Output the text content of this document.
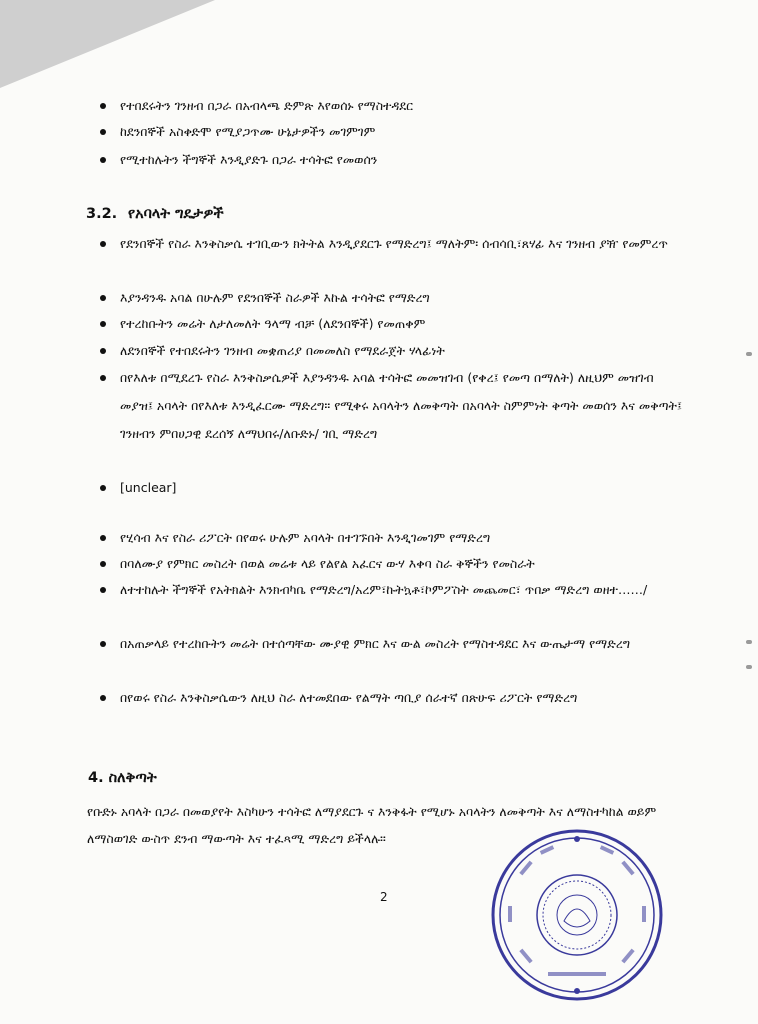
የተበደሩትን ገንዘብ በጋራ በአብላጫ ድምጽ እየወሰኑ የማስተዳደር
ከደንበኞች አስቀድሞ የሚያጋጥሙ ሁኔታዎችን መገምገም
የሚተከሉትን ችግኞች እንዲያድጉ በጋራ ተሳትፎ የመወሰን
3.2. የአባላት ግዴታዎች
የደንበኞች የስራ እንቅስቃሴ ተገቢውን ክትትል እንዲያደርጉ የማድረግ፤ ማለትም፡ ሰብሳቢ፣ጸሃፊ እና ገንዘብ ያዥ የመምረጥ
እያንዳንዱ አባል በሁሉም የደንበኞች ስራዎች እኩል ተሳትፎ የማድረግ
የተረከቡትን መሬት ለታለመለት ዓላማ ብቻ (ለደንበኞች) የመጠቀም
ለደንበኞች የተበደሩትን ገንዘብ መቋጠሪያ በመመለስ የማደራጀት ሃላፊነት
በየእለቱ በሚደረጉ የስራ እንቅስቃሴዎች እያንዳንዱ አባል ተሳትፎ መመዝገብ (የቀረ፤ የመጣ በማለት) ለዚህም መዝገብ መያዝ፤ አባላት በየእለቱ እንዲፈርሙ ማድረግ። የሚቀሩ አባላትን ለመቅጣት በአባላት ስምምነት ቅጣት መወሰን እና መቅጣት፤ ገንዘብን ምበሀጋዊ ደረሰኝ ለማህበሩ/ለቡድኑ/ ገቢ ማድረግ
[unclear]
የሂሳብ እና የስራ ሪፖርት በየወሩ ሁሉም አባላት በተገኙበት እንዲገመገም የማድረግ
በባለሙያ የምክር መስረት በወል መሬቱ ላይ የልየል አፈርና ውሃ እቀባ ስራ ቅኞችን የመስራት
ለተተከሉት ችግኞች የአትክልት እንክብካቤ የማድረግ/አረም፣ኩትኳቶ፣ኮምፖስት መጨመር፣ ጥበቃ ማድረግ ወዘተ……/
በአጠቃላይ የተረከቡትን መሬት በተሰጣቸው ሙያዊ ምክር እና ውል መስረት የማስተዳደር እና ውጤታማ የማድረግ
በየወሩ የስራ እንቅስቃሴውን ለዚህ ስራ ለተመደበው የልማት ጣቢያ ሰራተኛ በጽሁፍ ሪፖርት የማድረግ
4. ስለቅጣት

የቡድኑ አባላት በጋራ በመወያየት እስካሁን ተሳትፎ ለማያደርጉ ና እንቅፋት የሚሆኑ አባላትን ለመቅጣት እና ለማስተካከል ወይም ለማስወገድ ውስጥ ደንብ ማውጣት እና ተፈጻሚ ማድረግ ይችላሉ።

2
